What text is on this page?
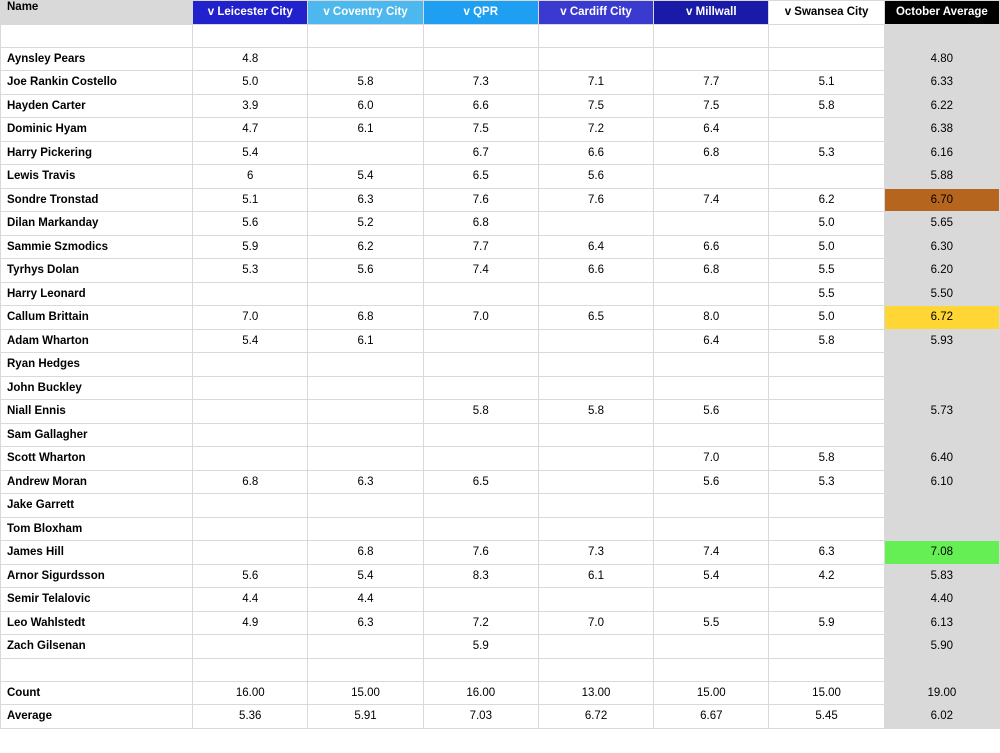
Name	v Leicester City	v Coventry City	v QPR	v Cardiff City	v Millwall	v Swansea City	October Average

Aynsley Pears	4.8						4.80
Joe Rankin Costello	5.0	5.8	7.3	7.1	7.7	5.1	6.33
Hayden Carter	3.9	6.0	6.6	7.5	7.5	5.8	6.22
Dominic Hyam	4.7	6.1	7.5	7.2	6.4		6.38
Harry Pickering	5.4		6.7	6.6	6.8	5.3	6.16
Lewis Travis	6	5.4	6.5	5.6			5.88
Sondre Tronstad	5.1	6.3	7.6	7.6	7.4	6.2	6.70
Dilan Markanday	5.6	5.2	6.8			5.0	5.65
Sammie Szmodics	5.9	6.2	7.7	6.4	6.6	5.0	6.30
Tyrhys Dolan	5.3	5.6	7.4	6.6	6.8	5.5	6.20
Harry Leonard						5.5	5.50
Callum Brittain	7.0	6.8	7.0	6.5	8.0	5.0	6.72
Adam Wharton	5.4	6.1			6.4	5.8	5.93
Ryan Hedges							
John Buckley							
Niall Ennis			5.8	5.8	5.6		5.73
Sam Gallagher							
Scott Wharton					7.0	5.8	6.40
Andrew Moran	6.8	6.3	6.5		5.6	5.3	6.10
Jake Garrett							
Tom Bloxham							
James Hill		6.8	7.6	7.3	7.4	6.3	7.08
Arnor Sigurdsson	5.6	5.4	8.3	6.1	5.4	4.2	5.83
Semir Telalovic	4.4	4.4					4.40
Leo Wahlstedt	4.9	6.3	7.2	7.0	5.5	5.9	6.13
Zach Gilsenan			5.9				5.90

Count	16.00	15.00	16.00	13.00	15.00	15.00	19.00
Average	5.36	5.91	7.03	6.72	6.67	5.45	6.02
